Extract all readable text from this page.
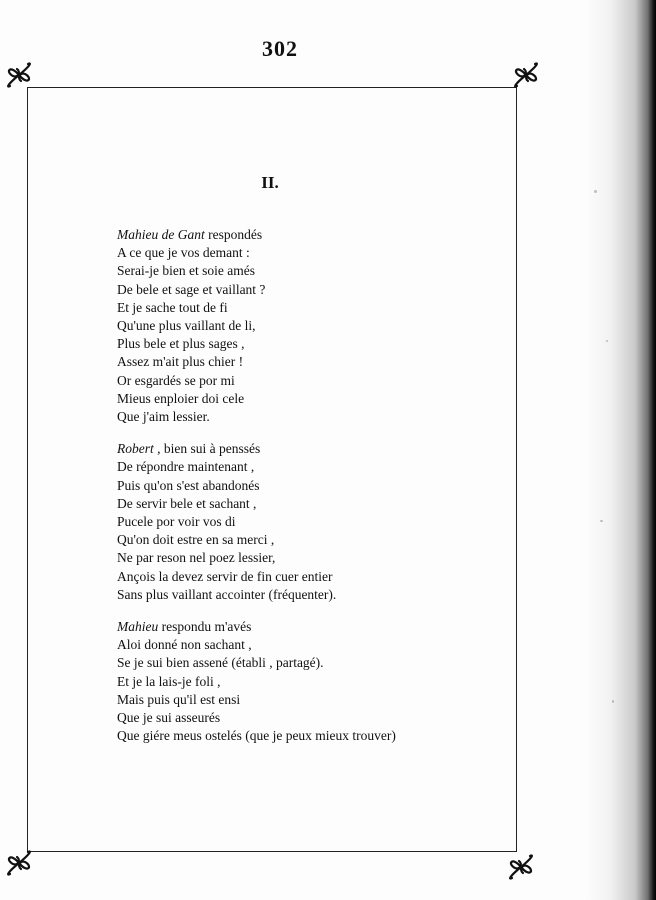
302
II.
Mahieu de Gant respondés
A ce que je vos demant :
Serai-je bien et soie amés
De bele et sage et vaillant ?
Et je sache tout de fi
Qu'une plus vaillant de li,
Plus bele et plus sages ,
Assez m'ait plus chier !
Or esgardés se por mi
Mieus enploier doi cele
Que j'aim lessier.
Robert , bien sui à penssés
De répondre maintenant ,
Puis qu'on s'est abandonés
De servir bele et sachant ,
Pucele por voir vos di
Qu'on doit estre en sa merci ,
Ne par reson nel poez lessier,
Ançois la devez servir de fin cuer entier
Sans plus vaillant accointer (fréquenter).
Mahieu respondu m'avés
Aloi donné non sachant ,
Se je sui bien assené (établi , partagé).
Et je la lais-je foli ,
Mais puis qu'il est ensi
Que je sui asseurés
Que giére meus ostelés (que je peux mieux trouver)
